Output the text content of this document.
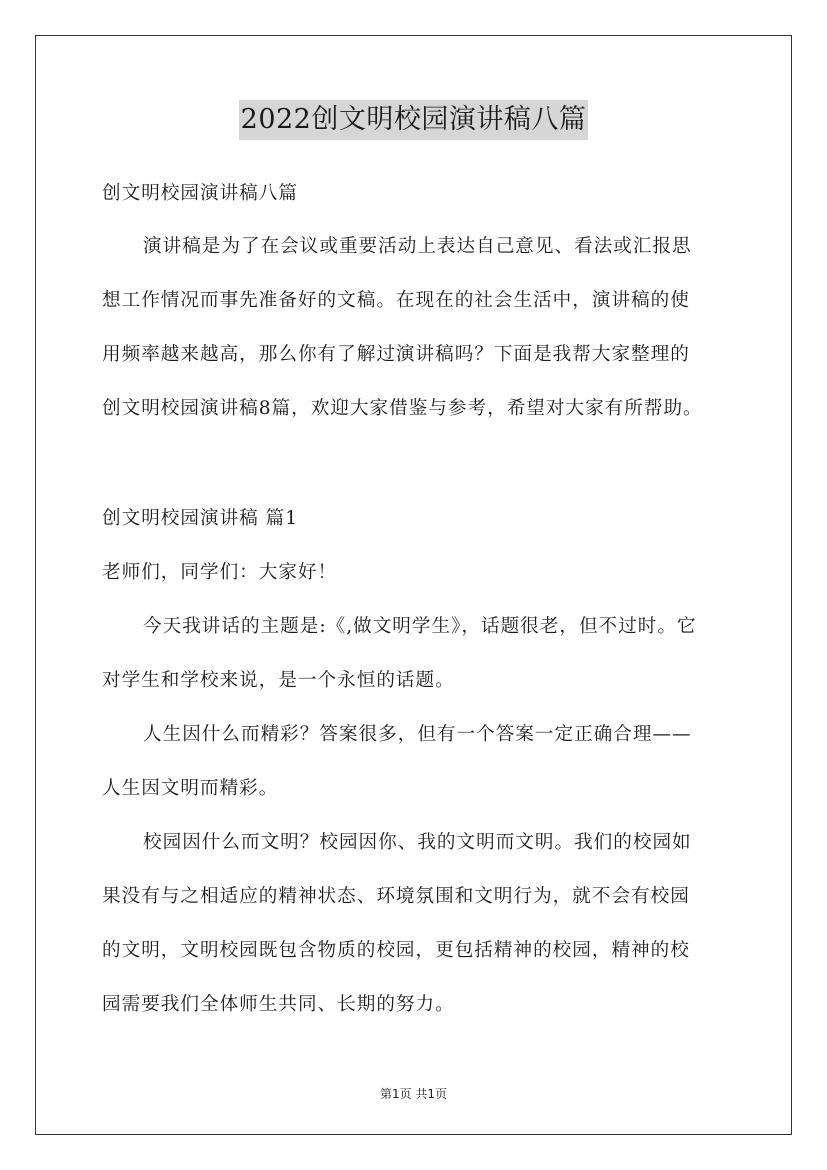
2022创文明校园演讲稿八篇
创文明校园演讲稿八篇
演讲稿是为了在会议或重要活动上表达自己意见、看法或汇报思
想工作情况而事先准备好的文稿。在现在的社会生活中，演讲稿的使
用频率越来越高，那么你有了解过演讲稿吗？下面是我帮大家整理的
创文明校园演讲稿8篇，欢迎大家借鉴与参考，希望对大家有所帮助。
创文明校园演讲稿 篇1
老师们，同学们：大家好！
今天我讲话的主题是:《,做文明学生》，话题很老，但不过时。它
对学生和学校来说，是一个永恒的话题。
人生因什么而精彩？答案很多，但有一个答案一定正确合理——
人生因文明而精彩。
校园因什么而文明？校园因你、我的文明而文明。我们的校园如
果没有与之相适应的精神状态、环境氛围和文明行为，就不会有校园
的文明，文明校园既包含物质的校园，更包括精神的校园，精神的校
园需要我们全体师生共同、长期的努力。
第1页 共1页
